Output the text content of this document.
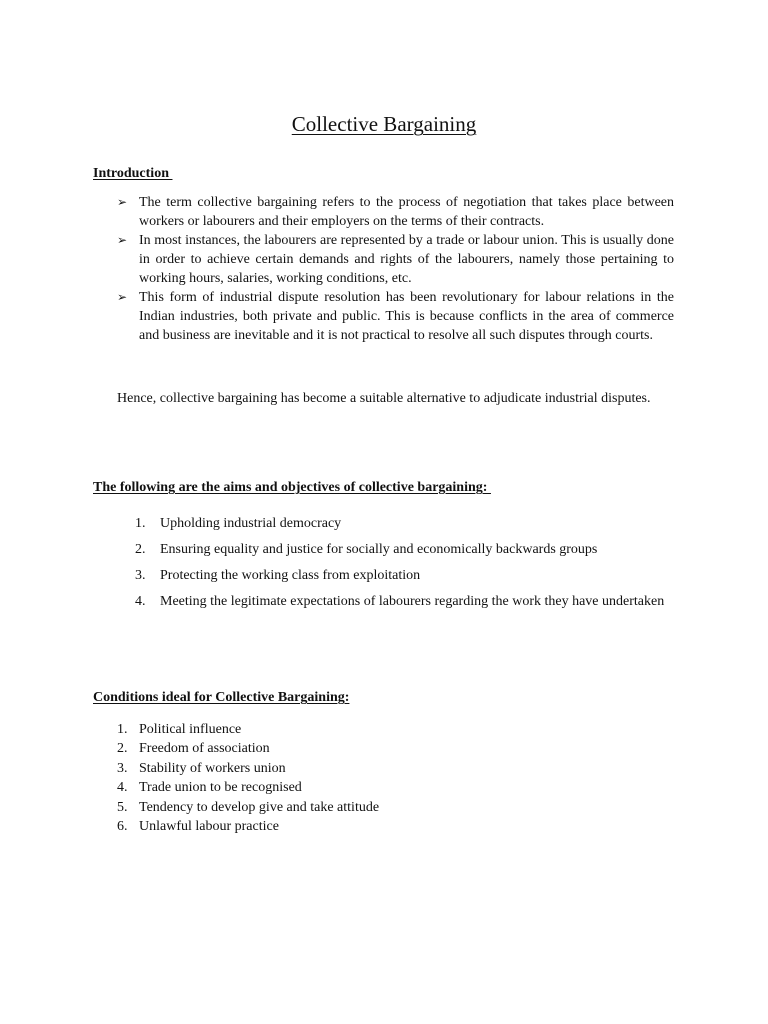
Collective Bargaining
Introduction
➢ The term collective bargaining refers to the process of negotiation that takes place between workers or labourers and their employers on the terms of their contracts.
➢ In most instances, the labourers are represented by a trade or labour union. This is usually done in order to achieve certain demands and rights of the labourers, namely those pertaining to working hours, salaries, working conditions, etc.
➢ This form of industrial dispute resolution has been revolutionary for labour relations in the Indian industries, both private and public. This is because conflicts in the area of commerce and business are inevitable and it is not practical to resolve all such disputes through courts.

Hence, collective bargaining has become a suitable alternative to adjudicate industrial disputes.

The following are the aims and objectives of collective bargaining:
1. Upholding industrial democracy
2. Ensuring equality and justice for socially and economically backwards groups
3. Protecting the working class from exploitation
4. Meeting the legitimate expectations of labourers regarding the work they have undertaken
Conditions ideal for Collective Bargaining:
1. Political influence
2. Freedom of association
3. Stability of workers union
4. Trade union to be recognised
5. Tendency to develop give and take attitude
6. Unlawful labour practice
